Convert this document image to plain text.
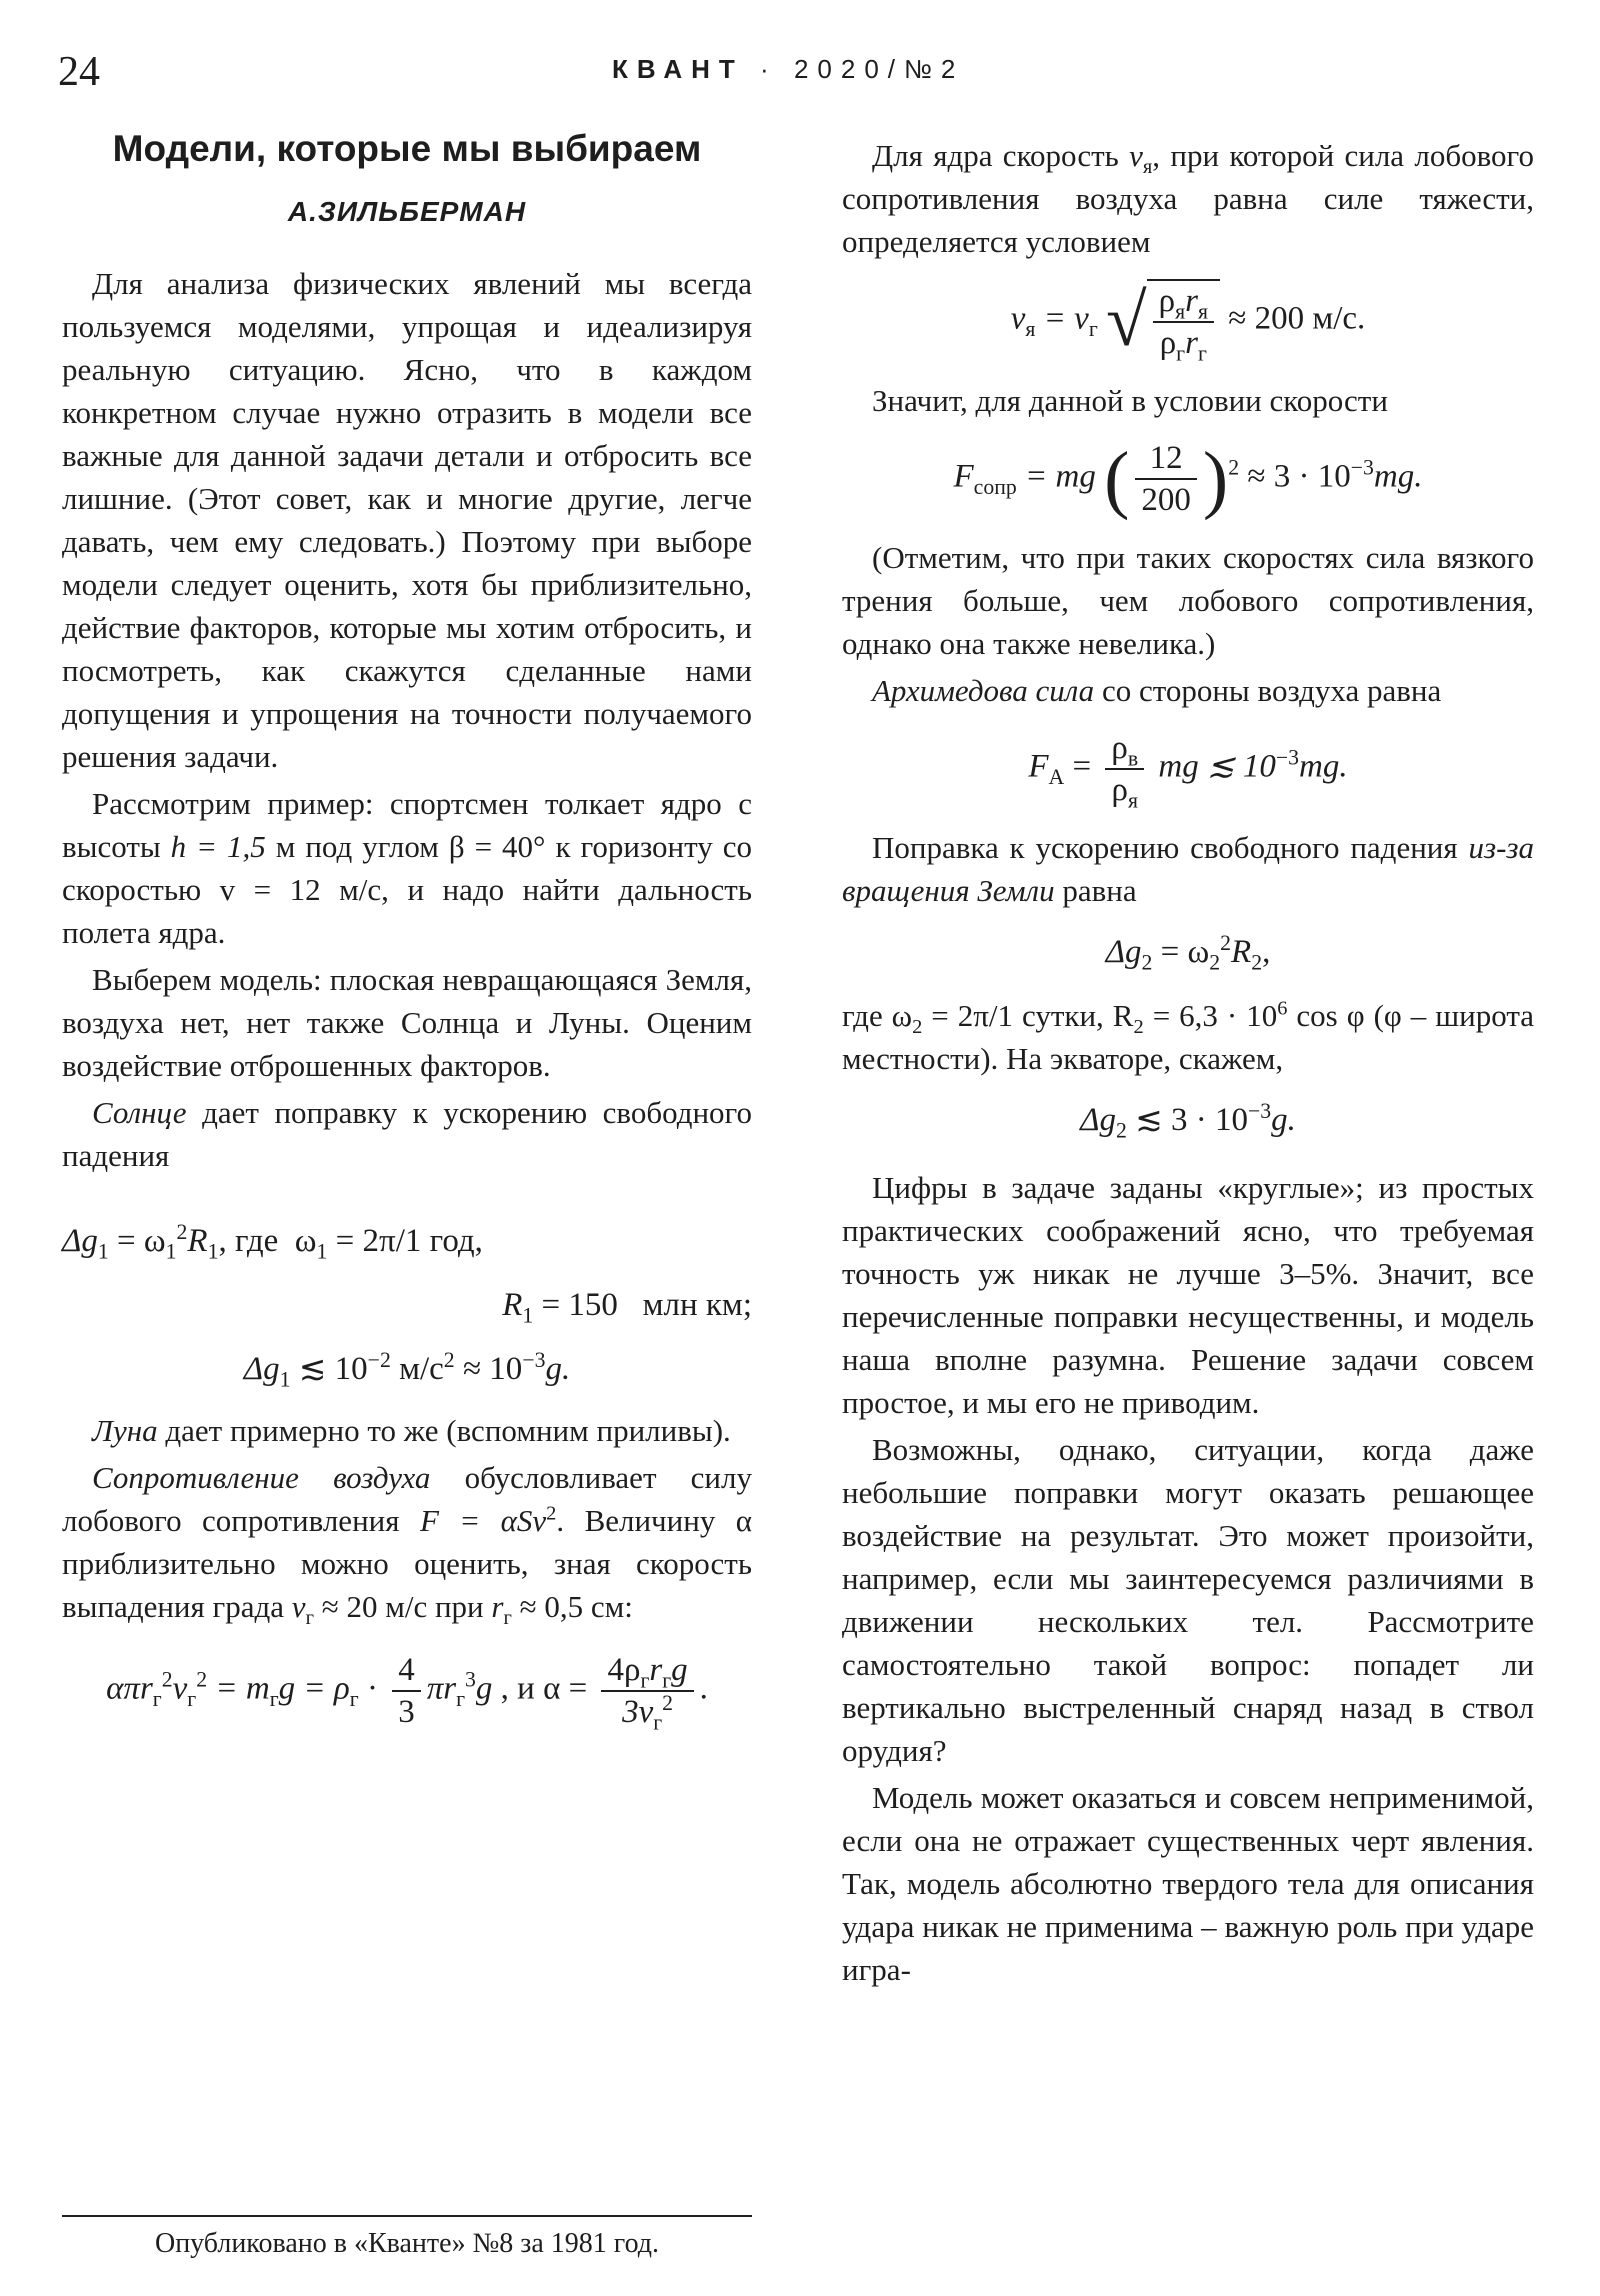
24	КВАНТ · 2020/№2
Модели, которые мы выбираем
А.ЗИЛЬБЕРМАН

Для анализа физических явлений мы всегда пользуемся моделями, упрощая и идеализируя реальную ситуацию. Ясно, что в каждом конкретном случае нужно отразить в модели все важные для данной задачи детали и отбросить все лишние. (Этот совет, как и многие другие, легче давать, чем ему следовать.) Поэтому при выборе модели следует оценить, хотя бы приблизительно, действие факторов, которые мы хотим отбросить, и посмотреть, как скажутся сделанные нами допущения и упрощения на точности получаемого решения задачи.

Рассмотрим пример: спортсмен толкает ядро с высоты h = 1,5 м под углом β = 40° к горизонту со скоростью v = 12 м/с, и надо найти дальность полета ядра.

Выберем модель: плоская невращающаяся Земля, воздуха нет, нет также Солнца и Луны. Оценим воздействие отброшенных факторов.

Солнце дает поправку к ускорению свободного падения

$\Delta g_1 = \omega_1^2R_1$, где $\omega_1 = 2\pi/1$ год,
$R_1 = 150$ млн км;
$\Delta g_1$ ≲ $10^{-2}$ $м/с^2 \approx 10^{-3}g$.

Луна дает примерно то же (вспомним приливы).

Сопротивление воздуха обусловливает силу лобового сопротивления F = αSv$^2$. Величину α приблизительно можно оценить, зная скорость выпадения града $v_г \approx 20$ м/с при $r_г \approx 0,5$ см:

$\alpha\pi r_г^2v_г^2 = m_гg = \rho_г \cdot \frac{4}{3} \pi r_г^3g$ , и $\alpha = \frac{4\rho_гr_гg}{3v_г^2}$ .
Опубликовано в «Кванте» №8 за 1981 год.

Для ядра скорость $v_я$, при которой сила лобового сопротивления воздуха равна силе тяжести, определяется условием

$v_я = v_г$ √ $\frac{\rho_яr_я}{\rho_гr_г} \approx 200$ м/с.

Значит, для данной в условии скорости

$F_{сопр}$ = mg ( $\frac{12}{200} )^2 \approx 3 \cdot 10^{-3}mg$.

(Отметим, что при таких скоростях сила вязкого трения больше, чем лобового сопротивления, однако она также невелика.)

Архимедова сила со стороны воздуха равна

$F_А = \frac{\rho_в}{\rho_я}$ mg ≲ $10^{-3}mg$.

Поправка к ускорению свободного падения из-за вращения Земли равна

$\Delta g_2 = \omega_2^2R_2$,

где $\omega_2 = 2\pi/1$ сутки, $R_2 = 6,3 \cdot 10^6$ cos φ (φ – широта местности). На экваторе, скажем,

$\Delta g_2$ ≲ $3 \cdot 10^{-3}g$.

Цифры в задаче заданы «круглые»; из простых практических соображений ясно, что требуемая точность уж никак не лучше 3–5%. Значит, все перечисленные поправки несущественны, и модель наша вполне разумна. Решение задачи совсем простое, и мы его не приводим.

Возможны, однако, ситуации, когда даже небольшие поправки могут оказать решающее воздействие на результат. Это может произойти, например, если мы заинтересуемся различиями в движении нескольких тел. Рассмотрите самостоятельно такой вопрос: попадет ли вертикально выстреленный снаряд назад в ствол орудия?

Модель может оказаться и совсем неприменимой, если она не отражает существенных черт явления. Так, модель абсолютно твердого тела для описания удара никак не применима – важную роль при ударе игра-
